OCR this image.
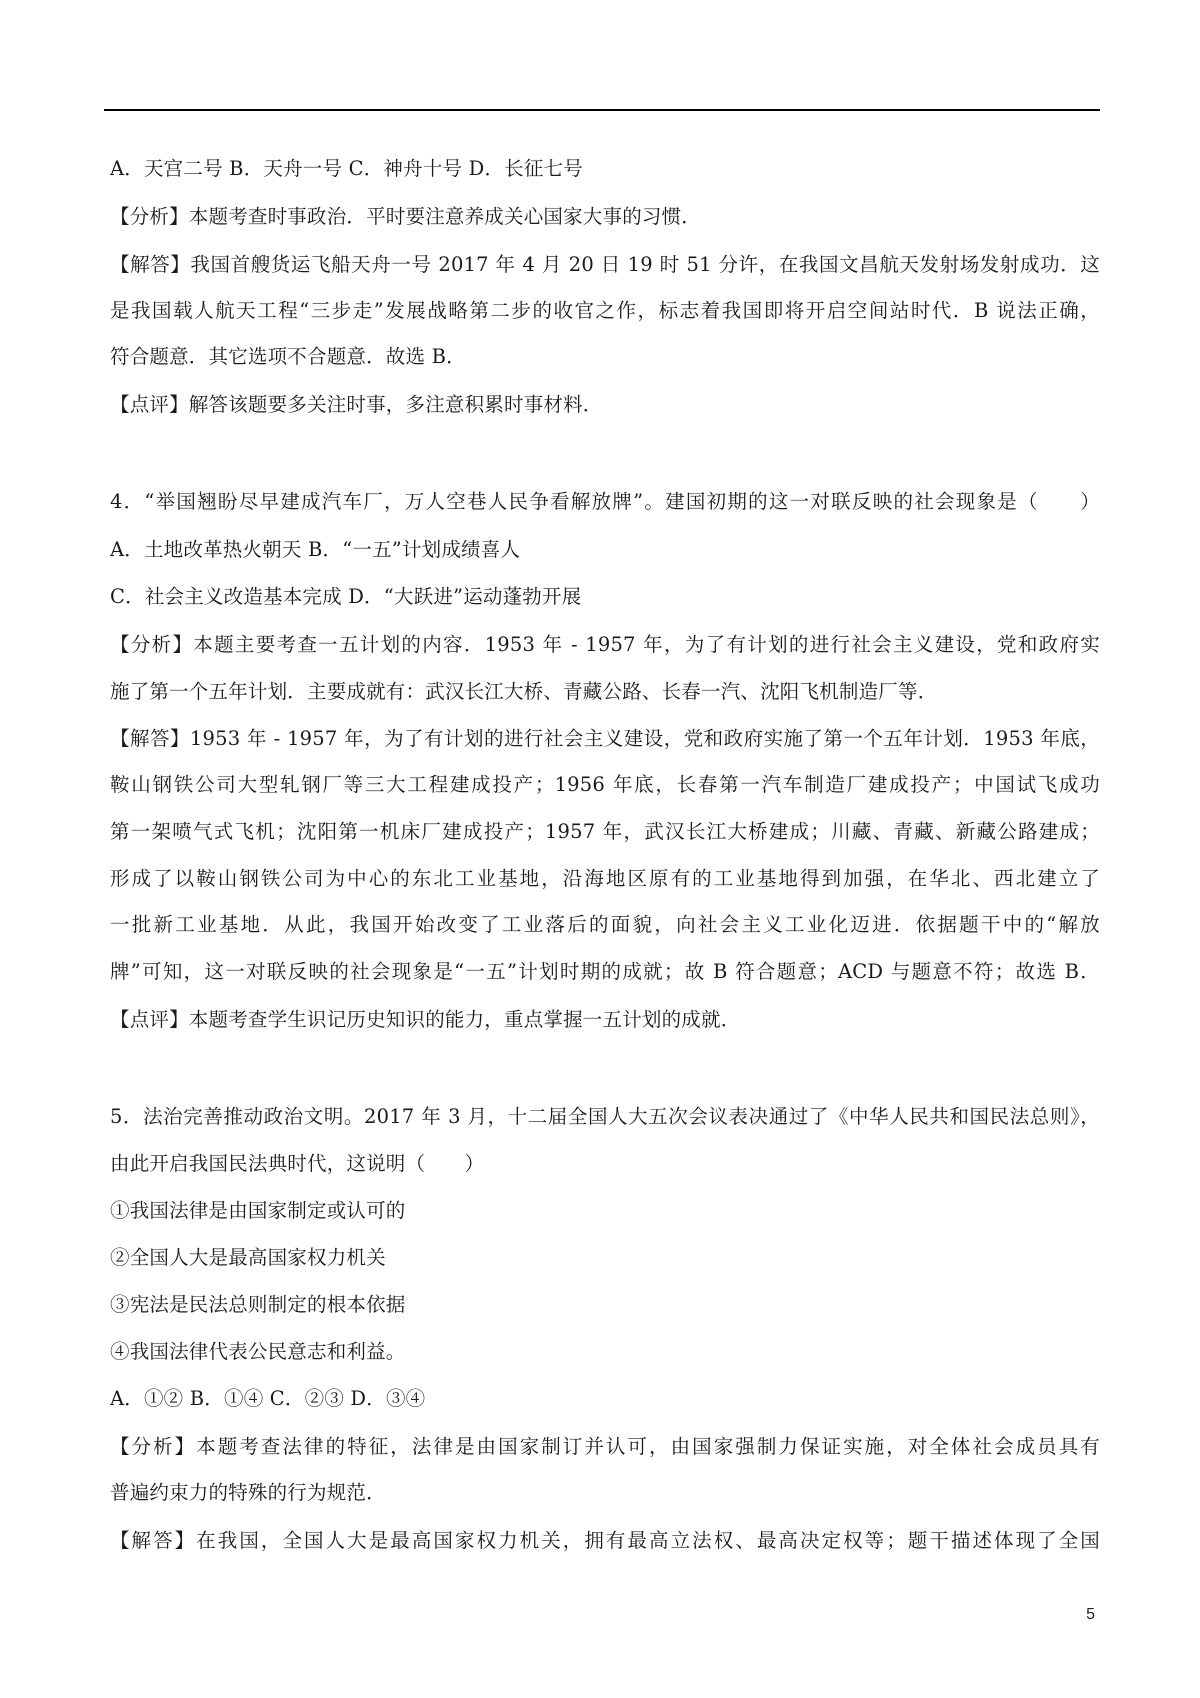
A．天宫二号 B．天舟一号 C．神舟十号 D．长征七号
【分析】本题考查时事政治．平时要注意养成关心国家大事的习惯．
【解答】我国首艘货运飞船天舟一号 2017 年 4 月 20 日 19 时 51 分许，在我国文昌航天发射场发射成功．这
是我国载人航天工程“三步走”发展战略第二步的收官之作，标志着我国即将开启空间站时代．B 说法正确，
符合题意．其它选项不合题意．故选 B．
【点评】解答该题要多关注时事，多注意积累时事材料．
4．“举国翘盼尽早建成汽车厂，万人空巷人民争看解放牌”。建国初期的这一对联反映的社会现象是（　　）
A．土地改革热火朝天 B．“一五”计划成绩喜人
C．社会主义改造基本完成 D．“大跃进”运动蓬勃开展
【分析】本题主要考查一五计划的内容．1953 年 - 1957 年，为了有计划的进行社会主义建设，党和政府实
施了第一个五年计划．主要成就有：武汉长江大桥、青藏公路、长春一汽、沈阳飞机制造厂等．
【解答】1953 年 - 1957 年，为了有计划的进行社会主义建设，党和政府实施了第一个五年计划．1953 年底，
鞍山钢铁公司大型轧钢厂等三大工程建成投产；1956 年底，长春第一汽车制造厂建成投产；中国试飞成功
第一架喷气式飞机；沈阳第一机床厂建成投产；1957 年，武汉长江大桥建成；川藏、青藏、新藏公路建成；
形成了以鞍山钢铁公司为中心的东北工业基地，沿海地区原有的工业基地得到加强，在华北、西北建立了
一批新工业基地．从此，我国开始改变了工业落后的面貌，向社会主义工业化迈进．依据题干中的“解放
牌”可知，这一对联反映的社会现象是“一五”计划时期的成就；故 B 符合题意；ACD 与题意不符；故选 B．
【点评】本题考查学生识记历史知识的能力，重点掌握一五计划的成就．
5．法治完善推动政治文明。2017 年 3 月，十二届全国人大五次会议表决通过了《中华人民共和国民法总则》，
由此开启我国民法典时代，这说明（　　）
①我国法律是由国家制定或认可的
②全国人大是最高国家权力机关
③宪法是民法总则制定的根本依据
④我国法律代表公民意志和利益。
A．①② B．①④ C．②③ D．③④
【分析】本题考查法律的特征，法律是由国家制订并认可，由国家强制力保证实施，对全体社会成员具有
普遍约束力的特殊的行为规范．
【解答】在我国，全国人大是最高国家权力机关，拥有最高立法权、最高决定权等；题干描述体现了全国
5
